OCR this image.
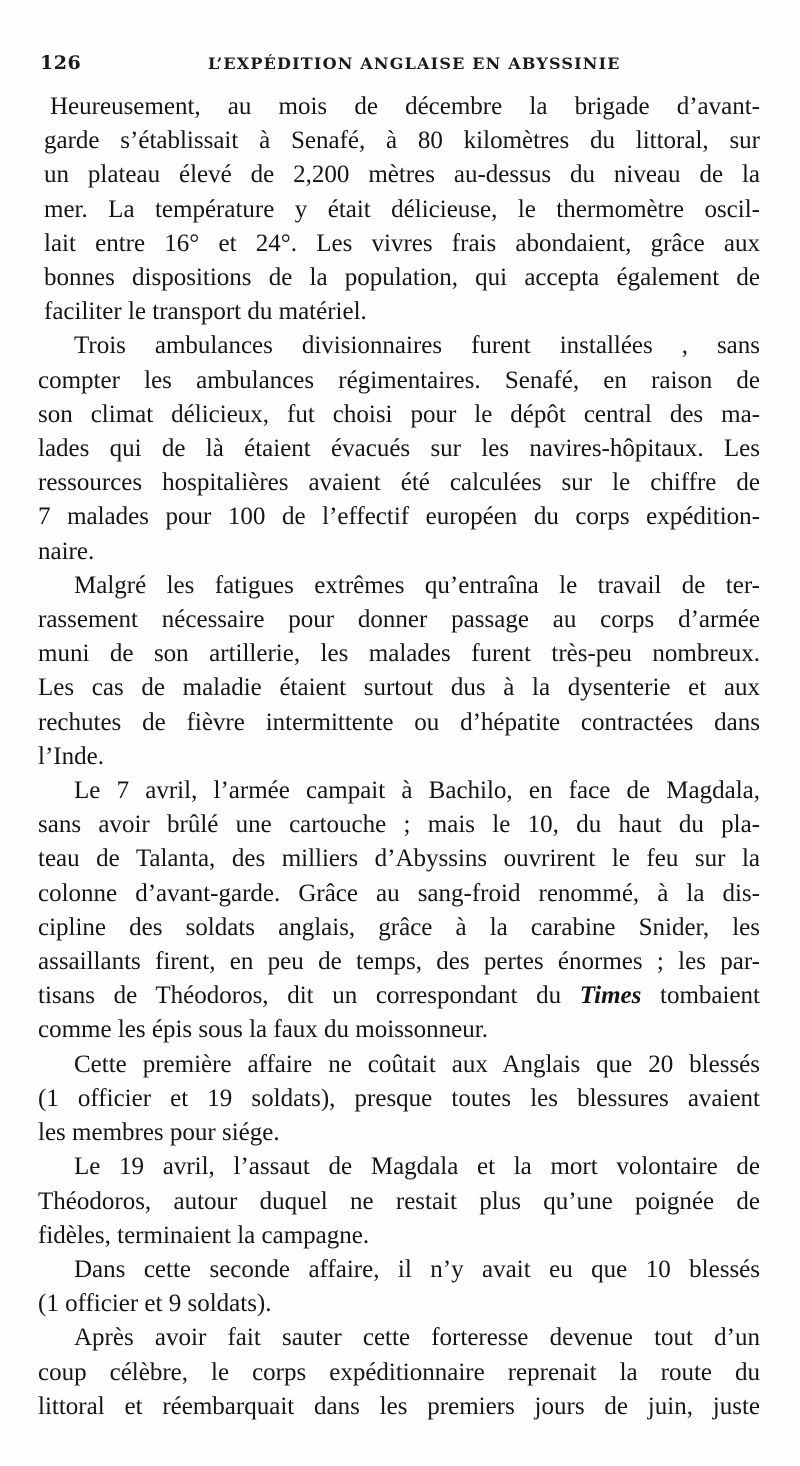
126	L’EXPÉDITION ANGLAISE EN ABYSSINIE

Heureusement, au mois de décembre la brigade d’avant-
garde s’établissait à Senafé, à 80 kilomètres du littoral, sur
un plateau élevé de 2,200 mètres au-dessus du niveau de la
mer. La température y était délicieuse, le thermomètre oscil-
lait entre 16° et 24°. Les vivres frais abondaient, grâce aux
bonnes dispositions de la population, qui accepta également de
faciliter le transport du matériel.

Trois ambulances divisionnaires furent installées , sans
compter les ambulances régimentaires. Senafé, en raison de
son climat délicieux, fut choisi pour le dépôt central des ma-
lades qui de là étaient évacués sur les navires-hôpitaux. Les
ressources hospitalières avaient été calculées sur le chiffre de
7 malades pour 100 de l’effectif européen du corps expédition-
naire.

Malgré les fatigues extrêmes qu’entraîna le travail de ter-
rassement nécessaire pour donner passage au corps d’armée
muni de son artillerie, les malades furent très-peu nombreux.
Les cas de maladie étaient surtout dus à la dysenterie et aux
rechutes de fièvre intermittente ou d’hépatite contractées dans
l’Inde.

Le 7 avril, l’armée campait à Bachilo, en face de Magdala,
sans avoir brûlé une cartouche ; mais le 10, du haut du pla-
teau de Talanta, des milliers d’Abyssins ouvrirent le feu sur la
colonne d’avant-garde. Grâce au sang-froid renommé, à la dis-
cipline des soldats anglais, grâce à la carabine Snider, les
assaillants firent, en peu de temps, des pertes énormes ; les par-
tisans de Théodoros, dit un correspondant du Times tombaient
comme les épis sous la faux du moissonneur.

Cette première affaire ne coûtait aux Anglais que 20 blessés
(1 officier et 19 soldats), presque toutes les blessures avaient
les membres pour siége.

Le 19 avril, l’assaut de Magdala et la mort volontaire de
Théodoros, autour duquel ne restait plus qu’une poignée de
fidèles, terminaient la campagne.

Dans cette seconde affaire, il n’y avait eu que 10 blessés
(1 officier et 9 soldats).

Après avoir fait sauter cette forteresse devenue tout d’un
coup célèbre, le corps expéditionnaire reprenait la route du
littoral et réembarquait dans les premiers jours de juin, juste
